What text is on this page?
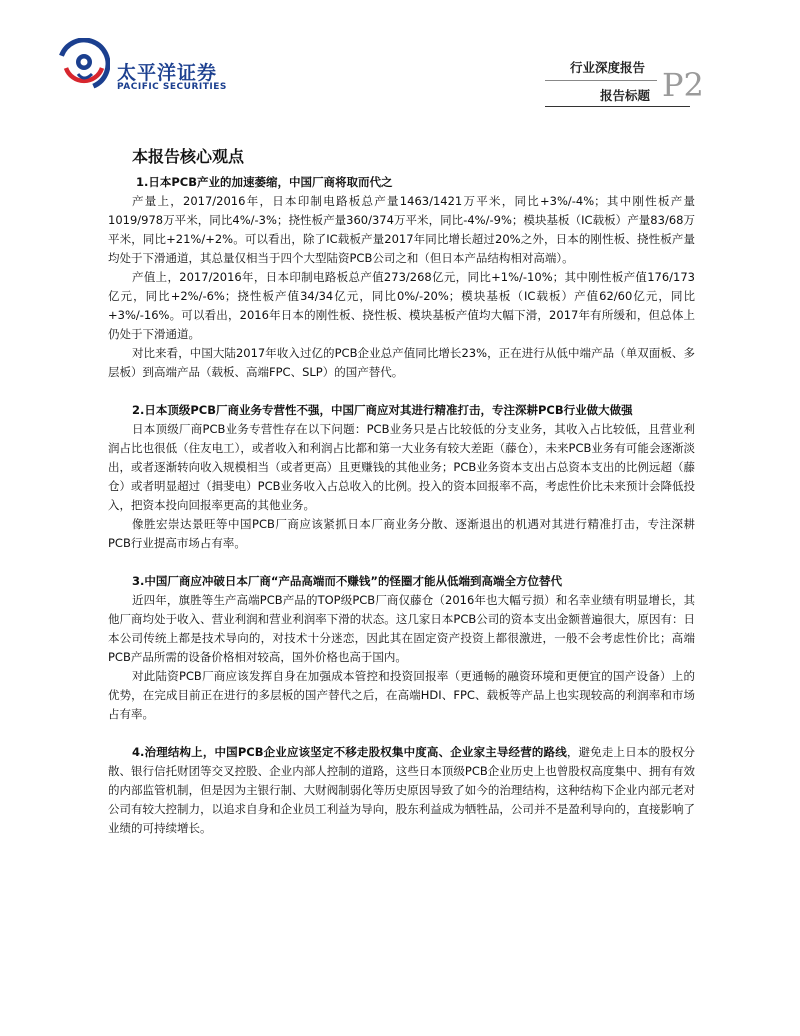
太平洋证券
PACIFIC SECURITIES
行业深度报告
报告标题 P2
本报告核心观点
1.日本PCB产业的加速萎缩，中国厂商将取而代之

产量上，2017/2016年，日本印制电路板总产量1463/1421万平米，同比+3%/-4%；其中刚性板产量1019/978万平米，同比4%/-3%；挠性板产量360/374万平米，同比-4%/-9%；模块基板（IC载板）产量83/68万平米，同比+21%/+2%。可以看出，除了IC载板产量2017年同比增长超过20%之外，日本的刚性板、挠性板产量均处于下滑通道，其总量仅相当于四个大型陆资PCB公司之和（但日本产品结构相对高端）。

产值上，2017/2016年，日本印制电路板总产值273/268亿元，同比+1%/-10%；其中刚性板产值176/173亿元，同比+2%/-6%；挠性板产值34/34亿元，同比0%/-20%；模块基板（IC载板）产值62/60亿元，同比+3%/-16%。可以看出，2016年日本的刚性板、挠性板、模块基板产值均大幅下滑，2017年有所缓和，但总体上仍处于下滑通道。

对比来看，中国大陆2017年收入过亿的PCB企业总产值同比增长23%，正在进行从低中端产品（单双面板、多层板）到高端产品（载板、高端FPC、SLP）的国产替代。

2.日本顶级PCB厂商业务专营性不强，中国厂商应对其进行精准打击，专注深耕PCB行业做大做强

日本顶级厂商PCB业务专营性存在以下问题：PCB业务只是占比较低的分支业务，其收入占比较低，且营业利润占比也很低（住友电工），或者收入和利润占比都和第一大业务有较大差距（藤仓），未来PCB业务有可能会逐渐淡出，或者逐渐转向收入规模相当（或者更高）且更赚钱的其他业务；PCB业务资本支出占总资本支出的比例远超（藤仓）或者明显超过（揖斐电）PCB业务收入占总收入的比例。投入的资本回报率不高，考虑性价比未来预计会降低投入，把资本投向回报率更高的其他业务。

像胜宏崇达景旺等中国PCB厂商应该紧抓日本厂商业务分散、逐渐退出的机遇对其进行精准打击，专注深耕PCB行业提高市场占有率。

3.中国厂商应冲破日本厂商“产品高端而不赚钱”的怪圈才能从低端到高端全方位替代

近四年，旗胜等生产高端PCB产品的TOP级PCB厂商仅藤仓（2016年也大幅亏损）和名幸业绩有明显增长，其他厂商均处于收入、营业利润和营业利润率下滑的状态。这几家日本PCB公司的资本支出金额普遍很大，原因有：日本公司传统上都是技术导向的，对技术十分迷恋，因此其在固定资产投资上都很激进，一般不会考虑性价比；高端PCB产品所需的设备价格相对较高，国外价格也高于国内。

对此陆资PCB厂商应该发挥自身在加强成本管控和投资回报率（更通畅的融资环境和更便宜的国产设备）上的优势，在完成目前正在进行的多层板的国产替代之后，在高端HDI、FPC、载板等产品上也实现较高的利润率和市场占有率。

4.治理结构上，中国PCB企业应该坚定不移走股权集中度高、企业家主导经营的路线，避免走上日本的股权分散、银行信托财团等交叉控股、企业内部人控制的道路，这些日本顶级PCB企业历史上也曾股权高度集中、拥有有效的内部监管机制，但是因为主银行制、大财阀制弱化等历史原因导致了如今的治理结构，这种结构下企业内部元老对公司有较大控制力，以追求自身和企业员工利益为导向，股东利益成为牺牲品，公司并不是盈利导向的，直接影响了业绩的可持续增长。
